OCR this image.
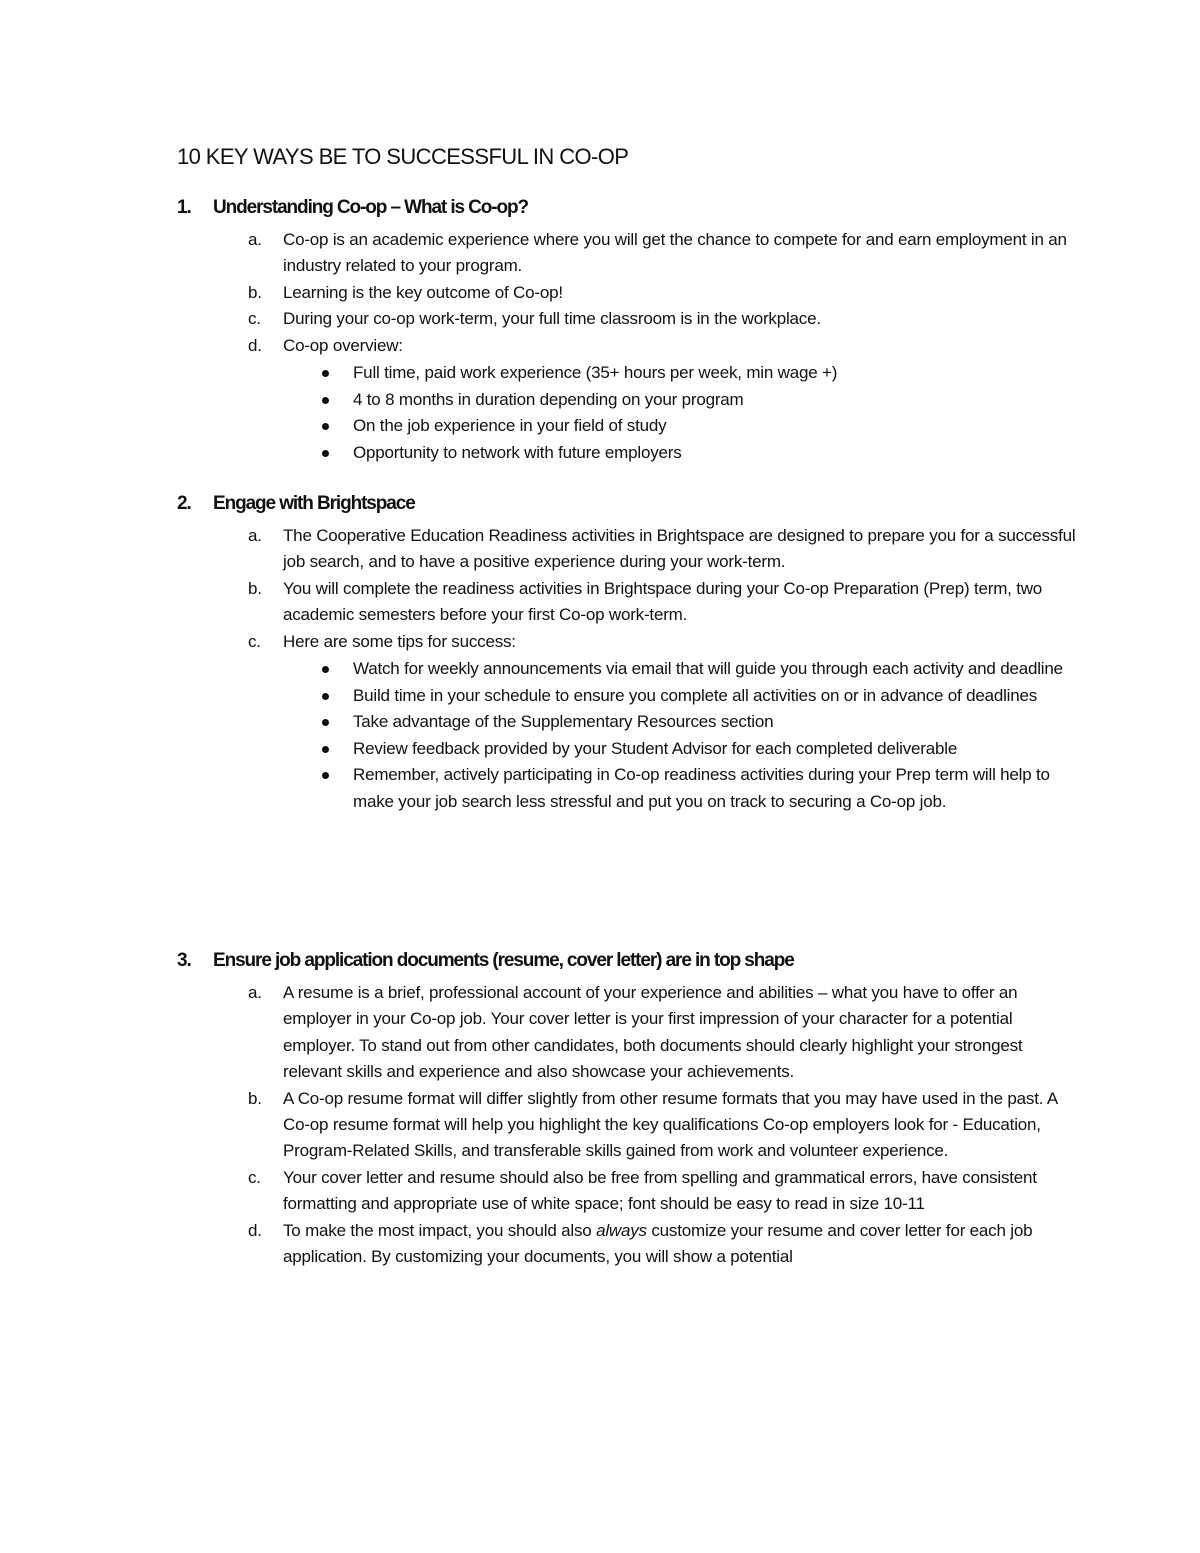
10 KEY WAYS BE TO SUCCESSFUL IN CO-OP
1. Understanding Co-op – What is Co-op?
a. Co-op is an academic experience where you will get the chance to compete for and earn employment in an industry related to your program.
b. Learning is the key outcome of Co-op!
c. During your co-op work-term, your full time classroom is in the workplace.
d. Co-op overview:
Full time, paid work experience (35+ hours per week, min wage +)
4 to 8 months in duration depending on your program
On the job experience in your field of study
Opportunity to network with future employers
2. Engage with Brightspace
a. The Cooperative Education Readiness activities in Brightspace are designed to prepare you for a successful job search, and to have a positive experience during your work-term.
b. You will complete the readiness activities in Brightspace during your Co-op Preparation (Prep) term, two academic semesters before your first Co-op work-term.
c. Here are some tips for success:
Watch for weekly announcements via email that will guide you through each activity and deadline
Build time in your schedule to ensure you complete all activities on or in advance of deadlines
Take advantage of the Supplementary Resources section
Review feedback provided by your Student Advisor for each completed deliverable
Remember, actively participating in Co-op readiness activities during your Prep term will help to make your job search less stressful and put you on track to securing a Co-op job.
3. Ensure job application documents (resume, cover letter) are in top shape
a. A resume is a brief, professional account of your experience and abilities – what you have to offer an employer in your Co-op job. Your cover letter is your first impression of your character for a potential employer. To stand out from other candidates, both documents should clearly highlight your strongest relevant skills and experience and also showcase your achievements.
b. A Co-op resume format will differ slightly from other resume formats that you may have used in the past. A Co-op resume format will help you highlight the key qualifications Co-op employers look for - Education, Program-Related Skills, and transferable skills gained from work and volunteer experience.
c. Your cover letter and resume should also be free from spelling and grammatical errors, have consistent formatting and appropriate use of white space; font should be easy to read in size 10-11
d. To make the most impact, you should also always customize your resume and cover letter for each job application. By customizing your documents, you will show a potential
